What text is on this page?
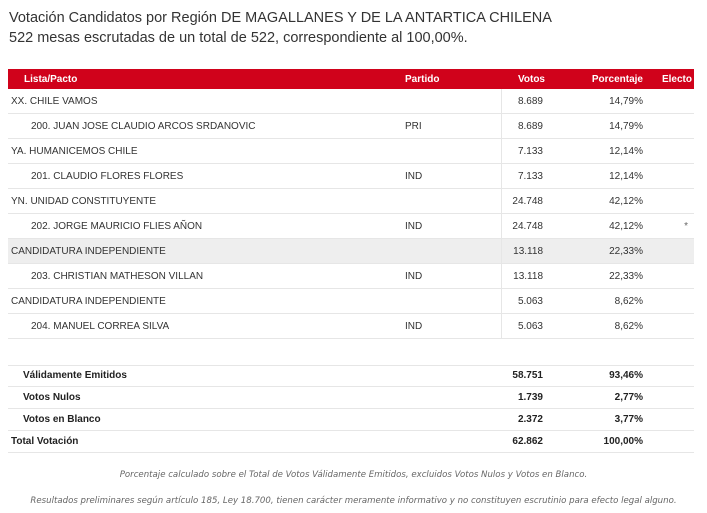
Votación Candidatos por Región DE MAGALLANES Y DE LA ANTARTICA CHILENA
522 mesas escrutadas de un total de 522, correspondiente al 100,00%.
Lista/Pacto	Partido	Votos	Porcentaje	Electo
XX. CHILE VAMOS		8.689	14,79%	
200. JUAN JOSE CLAUDIO ARCOS SRDANOVIC	PRI	8.689	14,79%	
YA. HUMANICEMOS CHILE		7.133	12,14%	
201. CLAUDIO FLORES FLORES	IND	7.133	12,14%	
YN. UNIDAD CONSTITUYENTE		24.748	42,12%	
202. JORGE MAURICIO FLIES AÑON	IND	24.748	42,12%	*
CANDIDATURA INDEPENDIENTE		13.118	22,33%	
203. CHRISTIAN MATHESON VILLAN	IND	13.118	22,33%	
CANDIDATURA INDEPENDIENTE		5.063	8,62%	
204. MANUEL CORREA SILVA	IND	5.063	8,62%	

Válidamente Emitidos		58.751	93,46%	
Votos Nulos		1.739	2,77%	
Votos en Blanco		2.372	3,77%	
Total Votación		62.862	100,00%	
Porcentaje calculado sobre el Total de Votos Válidamente Emitidos, excluidos Votos Nulos y Votos en Blanco.
Resultados preliminares según artículo 185, Ley 18.700, tienen carácter meramente informativo y no constituyen escrutinio para efecto legal alguno.
